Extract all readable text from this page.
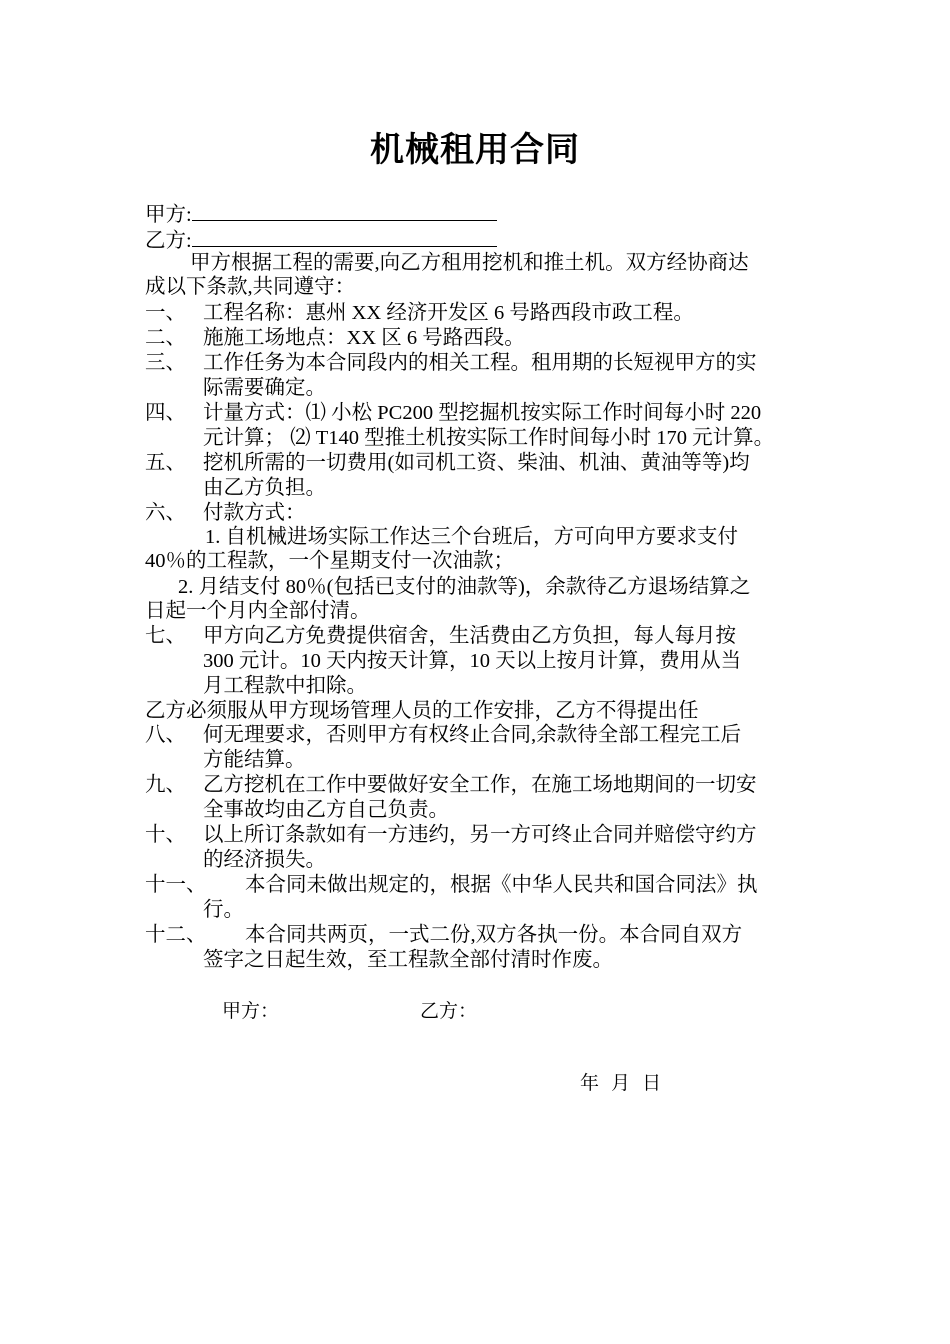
机械租用合同
甲方:
乙方:
甲方根据工程的需要,向乙方租用挖机和推土机。双方经协商达
成以下条款,共同遵守：
一、 工程名称：惠州 XX 经济开发区 6 号路西段市政工程。
二、 施施工场地点：XX 区 6 号路西段。
三、 工作任务为本合同段内的相关工程。租用期的长短视甲方的实
际需要确定。
四、 计量方式：⑴ 小松 PC200 型挖掘机按实际工作时间每小时 220
元计算； ⑵ T140 型推土机按实际工作时间每小时 170 元计算。
五、 挖机所需的一切费用(如司机工资、柴油、机油、黄油等等)均
由乙方负担。
六、 付款方式：
1. 自机械进场实际工作达三个台班后，方可向甲方要求支付
40％的工程款，一个星期支付一次油款；
2. 月结支付 80％(包括已支付的油款等)，余款待乙方退场结算之
日起一个月内全部付清。
七、 甲方向乙方免费提供宿舍，生活费由乙方负担，每人每月按
300 元计。10 天内按天计算，10 天以上按月计算，费用从当
月工程款中扣除。
乙方必须服从甲方现场管理人员的工作安排，乙方不得提出任
八、 何无理要求，否则甲方有权终止合同,余款待全部工程完工后
方能结算。
九、 乙方挖机在工作中要做好安全工作，在施工场地期间的一切安
全事故均由乙方自己负责。
十、 以上所订条款如有一方违约，另一方可终止合同并赔偿守约方
的经济损失。
十一、 本合同未做出规定的，根据《中华人民共和国合同法》执
行。
十二、 本合同共两页，一式二份,双方各执一份。本合同自双方
签字之日起生效，至工程款全部付清时作废。
甲方：	乙方：
年  月  日
